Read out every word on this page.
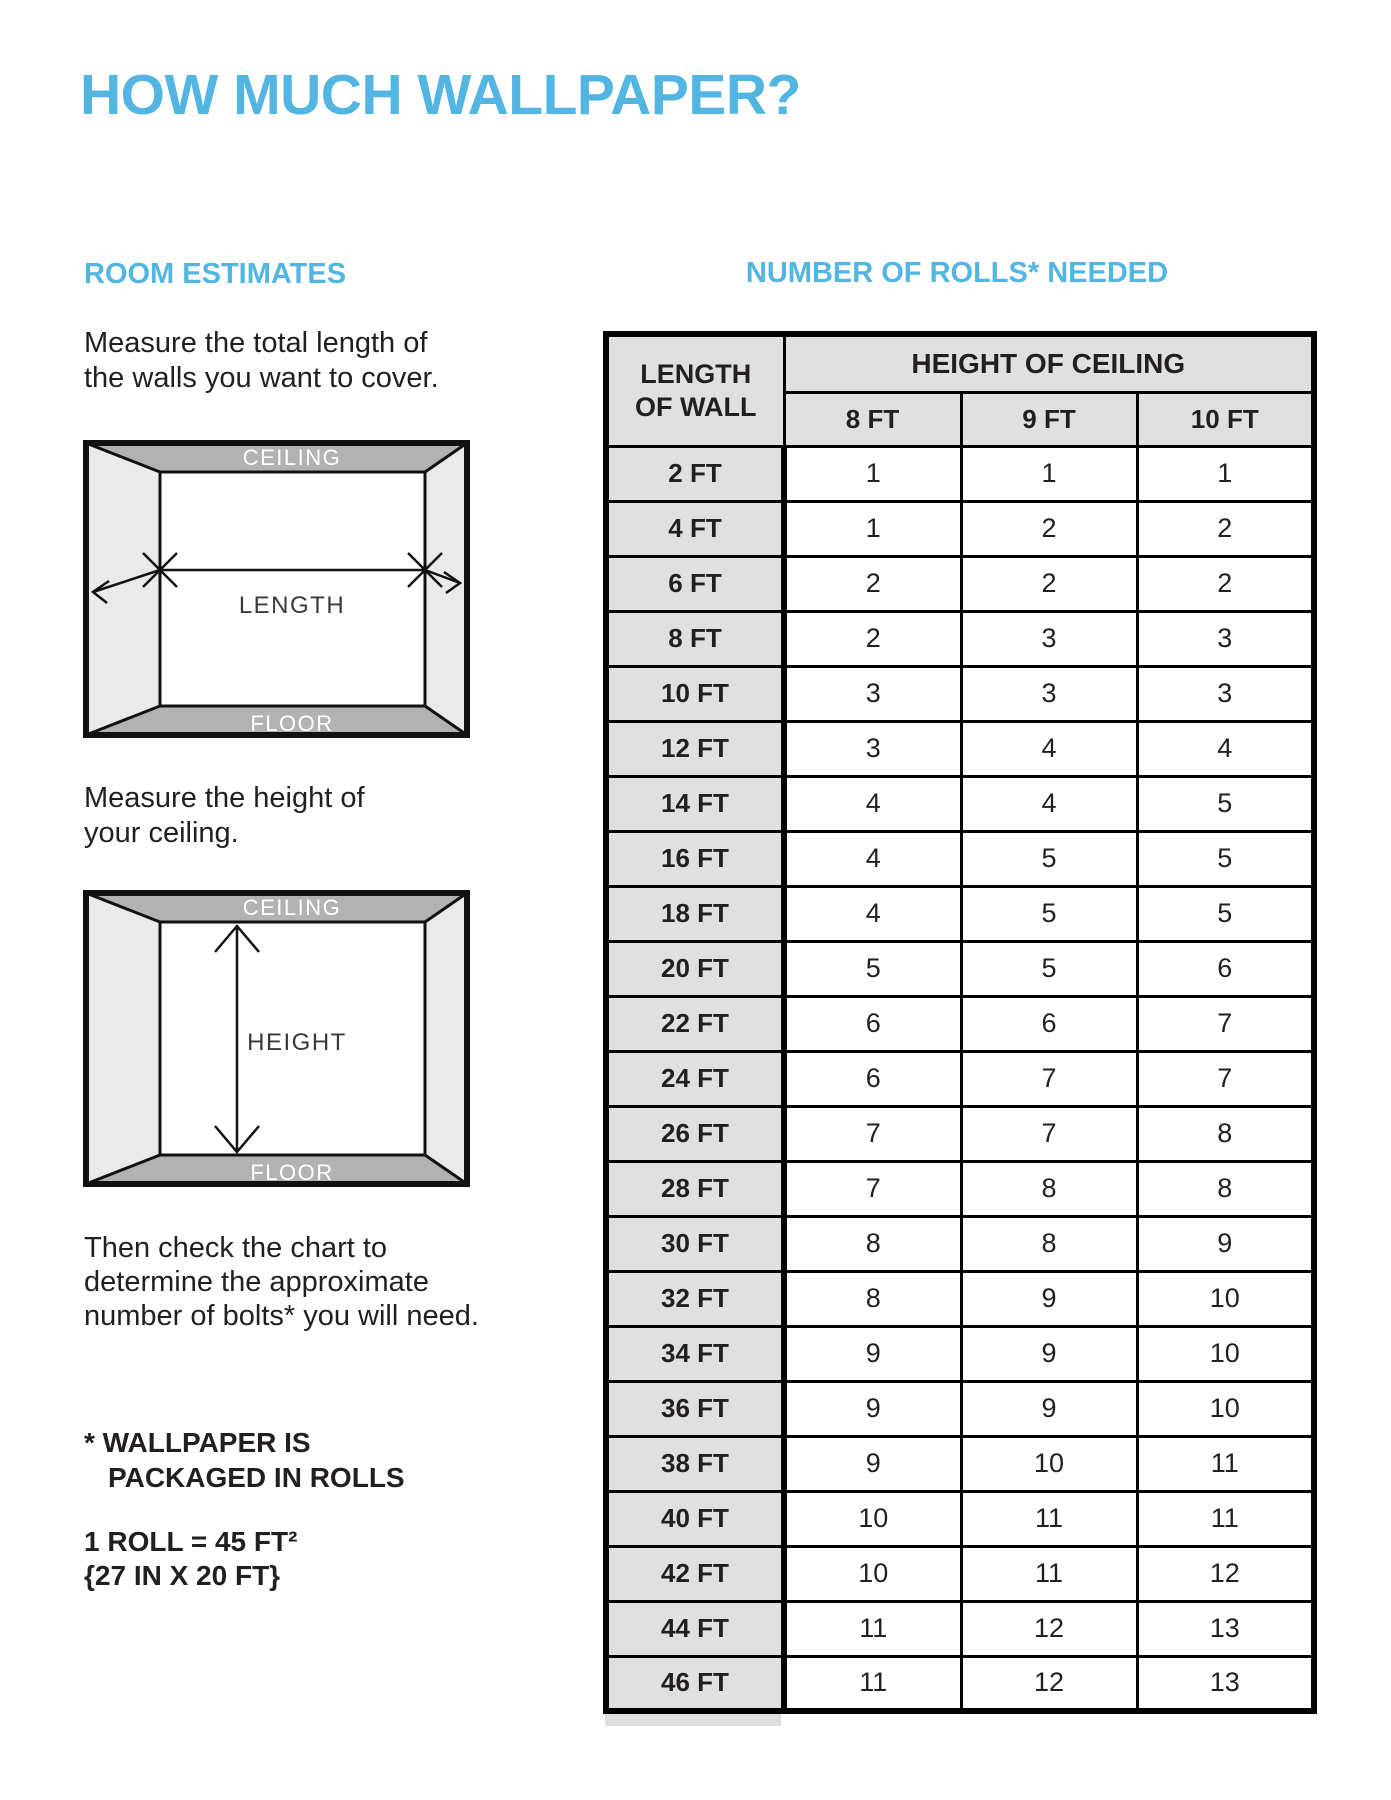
HOW MUCH WALLPAPER?
ROOM ESTIMATES

Measure the total length of
the walls you want to cover.

CEILING
FLOOR
LENGTH

Measure the height of
your ceiling.

CEILING
FLOOR
HEIGHT

Then check the chart to
determine the approximate
number of bolts* you will need.

* WALLPAPER IS
PACKAGED IN ROLLS
1 ROLL = 45 FT²
{27 IN X 20 FT}
NUMBER OF ROLLS* NEEDED
LENGTH
OF WALL	HEIGHT OF CEILING		
	8 FT	9 FT	10 FT
2 FT	1	1	1
4 FT	1	2	2
6 FT	2	2	2
8 FT	2	3	3
10 FT	3	3	3
12 FT	3	4	4
14 FT	4	4	5
16 FT	4	5	5
18 FT	4	5	5
20 FT	5	5	6
22 FT	6	6	7
24 FT	6	7	7
26 FT	7	7	8
28 FT	7	8	8
30 FT	8	8	9
32 FT	8	9	10
34 FT	9	9	10
36 FT	9	9	10
38 FT	9	10	11
40 FT	10	11	11
42 FT	10	11	12
44 FT	11	12	13
46 FT	11	12	13
